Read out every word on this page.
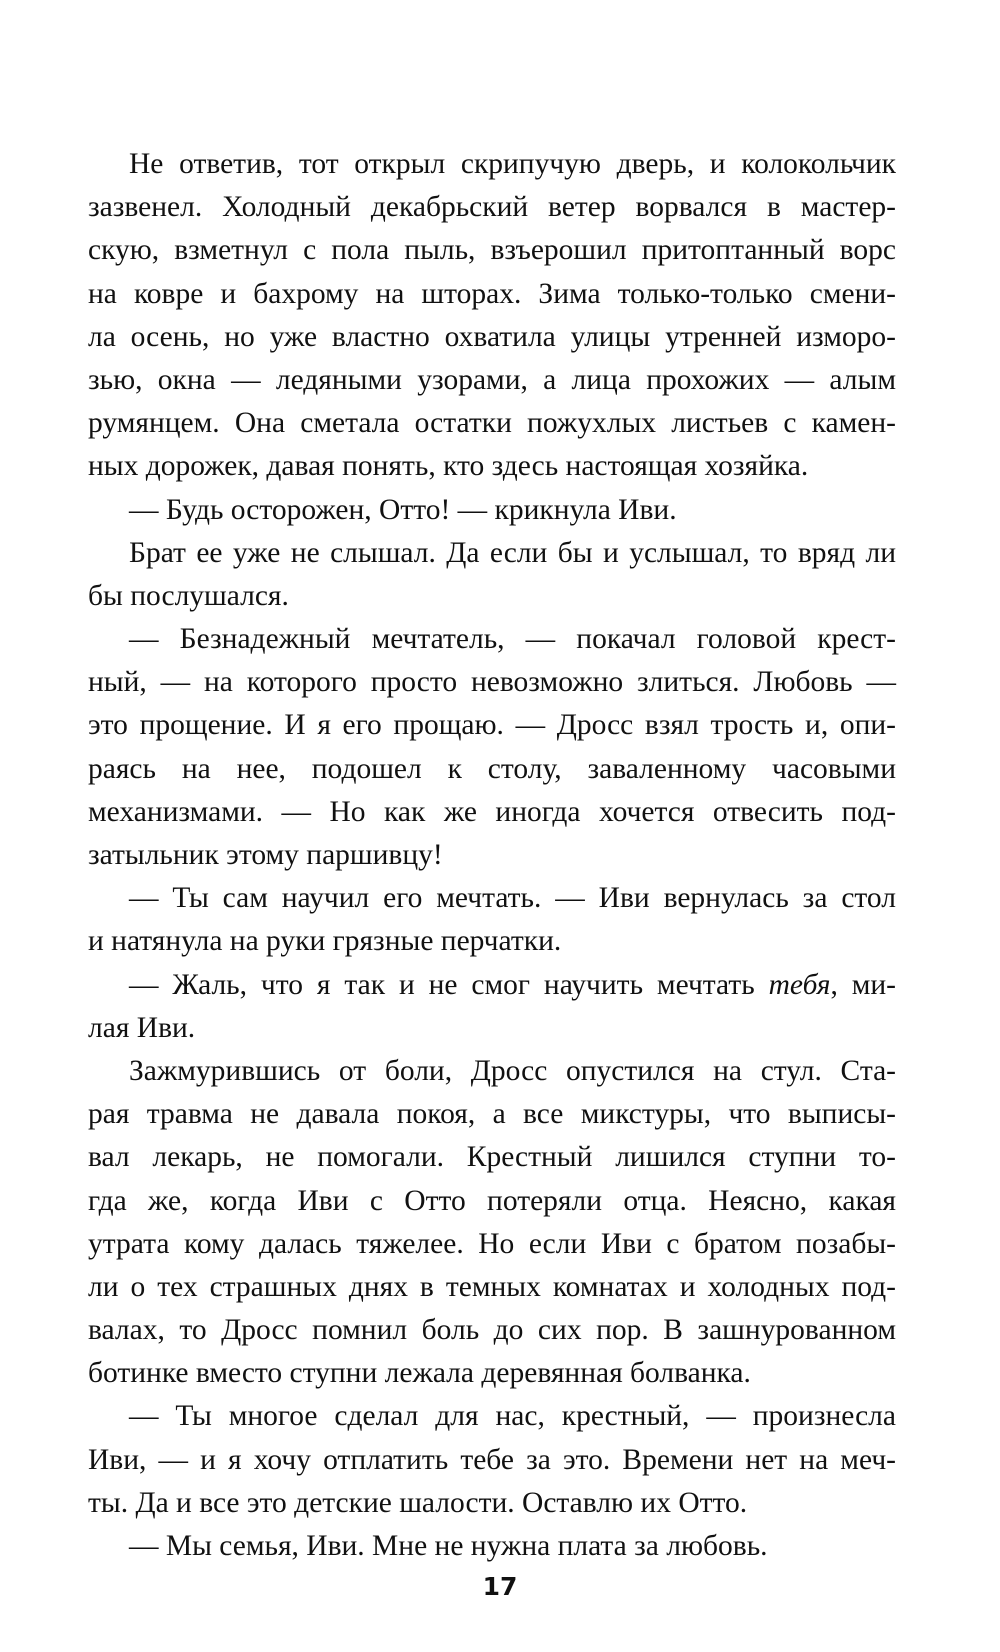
Не ответив, тот открыл скрипучую дверь, и колокольчик
зазвенел. Холодный декабрьский ветер ворвался в мастер-
скую, взметнул с пола пыль, взъерошил притоптанный ворс
на ковре и бахрому на шторах. Зима только-только смени-
ла осень, но уже властно охватила улицы утренней изморо-
зью, окна — ледяными узорами, а лица прохожих — алым
румянцем. Она сметала остатки пожухлых листьев с камен-
ных дорожек, давая понять, кто здесь настоящая хозяйка.
— Будь осторожен, Отто! — крикнула Иви.
Брат ее уже не слышал. Да если бы и услышал, то вряд ли
бы послушался.
— Безнадежный мечтатель, — покачал головой крест-
ный, — на которого просто невозможно злиться. Любовь —
это прощение. И я его прощаю. — Дросс взял трость и, опи-
раясь на нее, подошел к столу, заваленному часовыми
механизмами. — Но как же иногда хочется отвесить под-
затыльник этому паршивцу!
— Ты сам научил его мечтать. — Иви вернулась за стол
и натянула на руки грязные перчатки.
— Жаль, что я так и не смог научить мечтать тебя, ми-
лая Иви.
Зажмурившись от боли, Дросс опустился на стул. Ста-
рая травма не давала покоя, а все микстуры, что выписы-
вал лекарь, не помогали. Крестный лишился ступни то-
гда же, когда Иви с Отто потеряли отца. Неясно, какая
утрата кому далась тяжелее. Но если Иви с братом позабы-
ли о тех страшных днях в темных комнатах и холодных под-
валах, то Дросс помнил боль до сих пор. В зашнурованном
ботинке вместо ступни лежала деревянная болванка.
— Ты многое сделал для нас, крестный, — произнесла
Иви, — и я хочу отплатить тебе за это. Времени нет на меч-
ты. Да и все это детские шалости. Оставлю их Отто.
— Мы семья, Иви. Мне не нужна плата за любовь.
17
